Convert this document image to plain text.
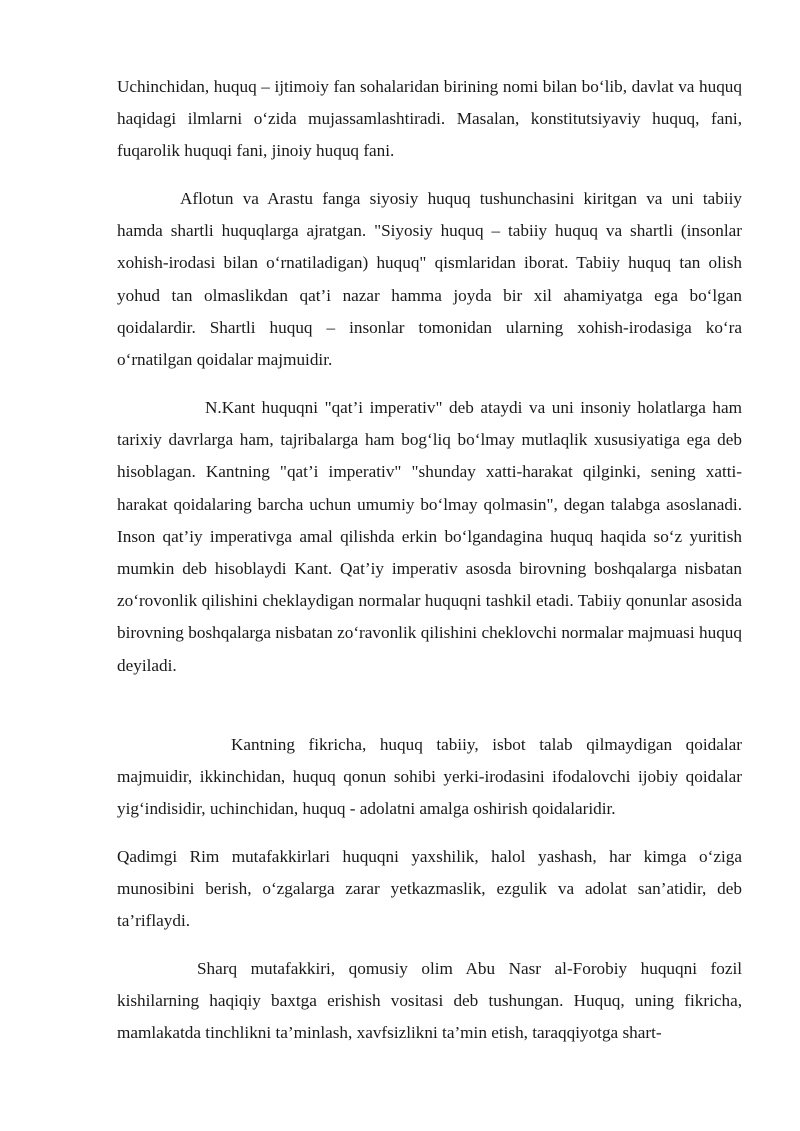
Uchinchidan, huquq – ijtimoiy fan sohalaridan birining nomi bilan bo‘lib, davlat va huquq haqidagi ilmlarni o‘zida mujassamlashtiradi. Masalan, konstitutsiyaviy huquq, fani, fuqarolik huquqi fani, jinoiy huquq fani.

Aflotun va Arastu fanga siyosiy huquq tushunchasini kiritgan va uni tabiiy hamda shartli huquqlarga ajratgan. "Siyosiy huquq – tabiiy huquq va shartli (insonlar xohish-irodasi bilan o‘rnatiladigan) huquq" qismlaridan iborat. Tabiiy huquq tan olish yohud tan olmaslikdan qat’i nazar hamma joyda bir xil ahamiyatga ega bo‘lgan qoidalardir. Shartli huquq – insonlar tomonidan ularning xohish-irodasiga ko‘ra o‘rnatilgan qoidalar majmuidir.

N.Kant huquqni "qat’i imperativ" deb ataydi va uni insoniy holatlarga ham tarixiy davrlarga ham, tajribalarga ham bog‘liq bo‘lmay mutlaqlik xususiyatiga ega deb hisoblagan. Kantning "qat’i imperativ" "shunday xatti-harakat qilginki, sening xatti-harakat qoidalaring barcha uchun umumiy bo‘lmay qolmasin", degan talabga asoslanadi. Inson qat’iy imperativga amal qilishda erkin bo‘lgandagina huquq haqida so‘z yuritish mumkin deb hisoblaydi Kant. Qat’iy imperativ asosda birovning boshqalarga nisbatan zo‘rovonlik qilishini cheklaydigan normalar huquqni tashkil etadi. Tabiiy qonunlar asosida birovning boshqalarga nisbatan zo‘ravonlik qilishini cheklovchi normalar majmuasi huquq deyiladi.

Kantning fikricha, huquq tabiiy, isbot talab qilmaydigan qoidalar majmuidir, ikkinchidan, huquq qonun sohibi yerki-irodasini ifodalovchi ijobiy qoidalar yig‘indisidir, uchinchidan, huquq - adolatni amalga oshirish qoidalaridir.

Qadimgi Rim mutafakkirlari huquqni yaxshilik, halol yashash, har kimga o‘ziga munosibini berish, o‘zgalarga zarar yetkazmaslik, ezgulik va adolat san’atidir, deb ta’riflaydi.

Sharq mutafakkiri, qomusiy olim Abu Nasr al-Forobiy huquqni fozil kishilarning haqiqiy baxtga erishish vositasi deb tushungan. Huquq, uning fikricha, mamlakatda tinchlikni ta’minlash, xavfsizlikni ta’min etish, taraqqiyotga shart-
